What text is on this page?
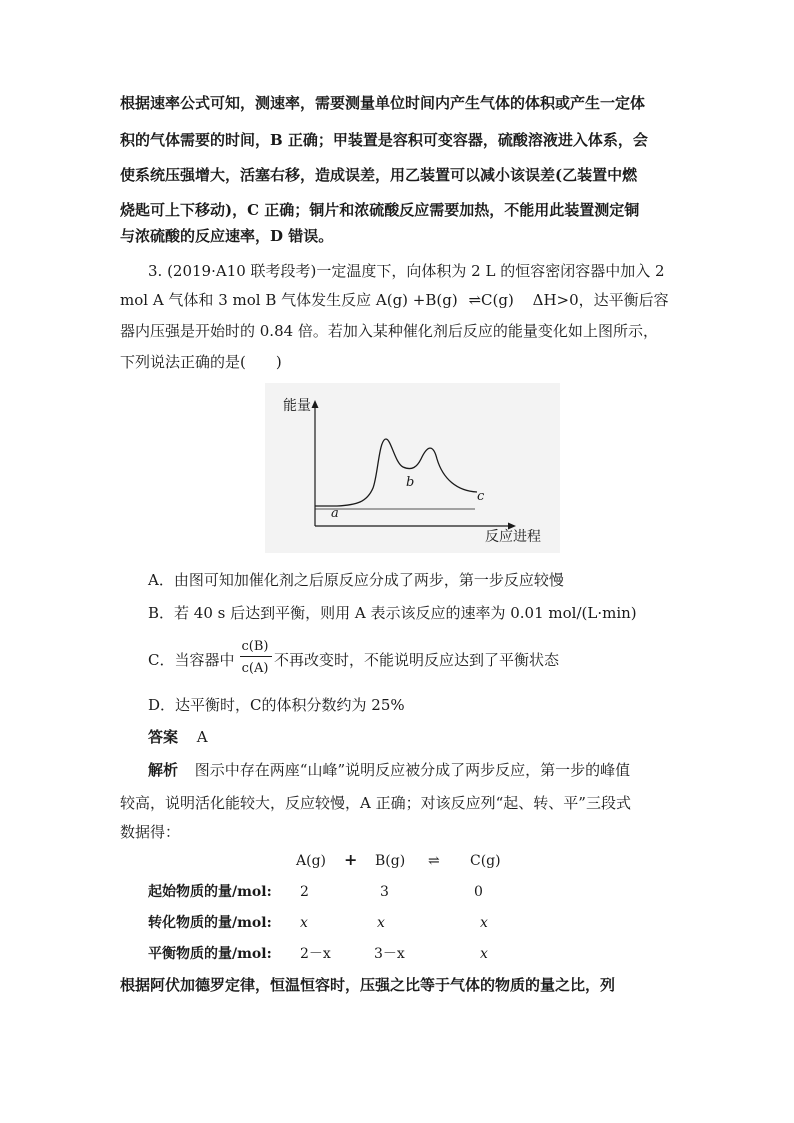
根据速率公式可知，测速率，需要测量单位时间内产生气体的体积或产生一定体
积的气体需要的时间，B 正确；甲装置是容积可变容器，硫酸溶液进入体系，会
使系统压强增大，活塞右移，造成误差，用乙装置可以减小该误差(乙装置中燃
烧匙可上下移动)，C 正确；铜片和浓硫酸反应需要加热，不能用此装置测定铜
与浓硫酸的反应速率，D 错误。
3. (2019·A10 联考段考)一定温度下，向体积为 2 L 的恒容密闭容器中加入 2
mol A 气体和 3 mol B 气体发生反应 A(g) +B(g) ⇌C(g) ΔH>0，达平衡后容
器内压强是开始时的 0.84 倍。若加入某种催化剂后反应的能量变化如上图所示，
下列说法正确的是(　　)
能量
反应进程
a
b
c
A．由图可知加催化剂之后原反应分成了两步，第一步反应较慢
B．若 40 s 后达到平衡，则用 A 表示该反应的速率为 0.01 mol/(L·min)
C．当容器中
c(B)
c(A) 不再改变时，不能说明反应达到了平衡状态
D．达平衡时，C的体积分数约为 25%
答案 A
解析 图示中存在两座“山峰”说明反应被分成了两步反应，第一步的峰值
较高，说明活化能较大，反应较慢，A 正确；对该反应列“起、转、平”三段式
数据得：
A(g) + B(g) ⇌ C(g)
起始物质的量/mol: 2	3	0
转化物质的量/mol: x	x	x
平衡物质的量/mol: 2－x	3－x	x
根据阿伏加德罗定律，恒温恒容时，压强之比等于气体的物质的量之比，列
